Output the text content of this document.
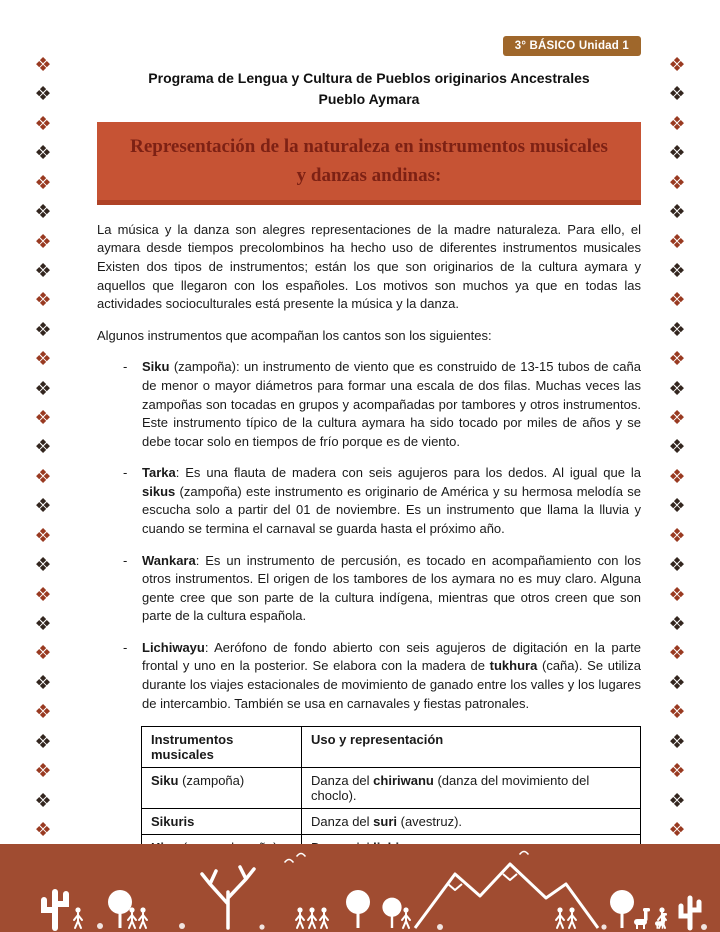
3° BÁSICO Unidad 1
❖
❖
❖
❖
❖
❖
❖
❖
❖
❖
❖
❖
❖
❖
❖
❖
❖
❖
❖
❖
❖
❖
❖
❖
❖
❖
❖
❖
❖
❖
❖
❖
❖
❖
❖
❖
❖
❖
❖
❖
❖
❖
❖
❖
❖
❖
❖
❖
❖
❖
❖
❖
❖
❖
Programa de Lengua y Cultura de Pueblos originarios Ancestrales
Pueblo Aymara
Representación de la naturaleza en instrumentos musicales y danzas andinas:

La música y la danza son alegres representaciones de la madre naturaleza. Para ello, el aymara desde tiempos precolombinos ha hecho uso de diferentes instrumentos musicales Existen dos tipos de instrumentos; están los que son originarios de la cultura aymara y aquellos que llegaron con los españoles. Los motivos son muchos ya que en todas las actividades socioculturales está presente la música y la danza.

Algunos instrumentos que acompañan los cantos son los siguientes:

- Siku (zampoña): un instrumento de viento que es construido de 13-15 tubos de caña de menor o mayor diámetros para formar una escala de dos filas. Muchas veces las zampoñas son tocadas en grupos y acompañadas por tambores y otros instrumentos. Este instrumento típico de la cultura aymara ha sido tocado por miles de años y se debe tocar solo en tiempos de frío porque es de viento.
- Tarka: Es una flauta de madera con seis agujeros para los dedos. Al igual que la sikus (zampoña) este instrumento es originario de América y su hermosa melodía se escucha solo a partir del 01 de noviembre. Es un instrumento que llama la lluvia y cuando se termina el carnaval se guarda hasta el próximo año.
- Wankara: Es un instrumento de percusión, es tocado en acompañamiento con los otros instrumentos. El origen de los tambores de los aymara no es muy claro. Alguna gente cree que son parte de la cultura indígena, mientras que otros creen que son parte de la cultura española.
- Lichiwayu: Aerófono de fondo abierto con seis agujeros de digitación en la parte frontal y uno en la posterior. Se elabora con la madera de tukhura (caña). Se utiliza durante los viajes estacionales de movimiento de ganado entre los valles y los lugares de intercambio. También se usa en carnavales y fiestas patronales.
Instrumentos musicales	Uso y representación
Siku (zampoña)	Danza del chiriwanu (danza del movimiento del choclo).
Sikuris	Danza del suri (avestruz).
